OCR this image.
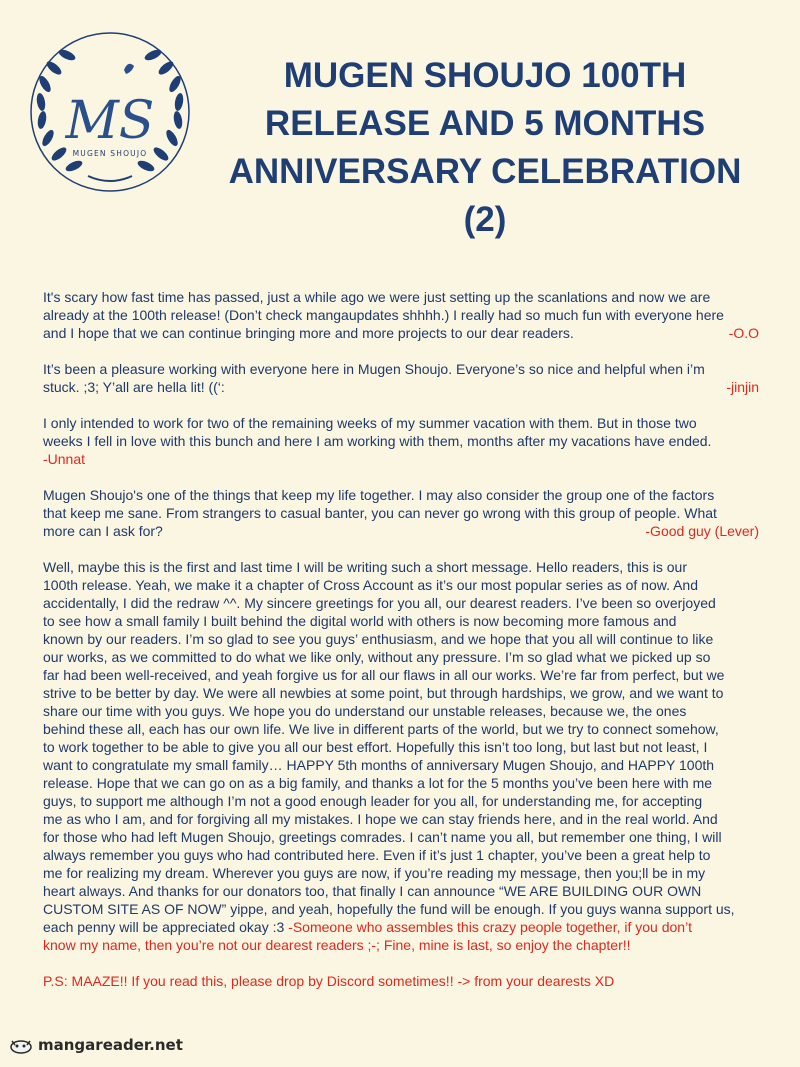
MS
MUGEN SHOUJO
MUGEN SHOUJO 100TH
RELEASE AND 5 MONTHS
ANNIVERSARY CELEBRATION
(2)
It's scary how fast time has passed, just a while ago we were just setting up the scanlations and now we are
already at the 100th release! (Don’t check mangaupdates shhhh.) I really had so much fun with everyone here
and I hope that we can continue bringing more and more projects to our dear readers.	-O.O
It’s been a pleasure working with everyone here in Mugen Shoujo. Everyone’s so nice and helpful when i’m
stuck. ;3; Y’all are hella lit! ((‘:	-jinjin
I only intended to work for two of the remaining weeks of my summer vacation with them. But in those two
weeks I fell in love with this bunch and here I am working with them, months after my vacations have ended.
-Unnat
Mugen Shoujo's one of the things that keep my life together. I may also consider the group one of the factors
that keep me sane. From strangers to casual banter, you can never go wrong with this group of people. What
more can I ask for?	-Good guy (Lever)
Well, maybe this is the first and last time I will be writing such a short message. Hello readers, this is our
100th release. Yeah, we make it a chapter of Cross Account as it’s our most popular series as of now. And
accidentally, I did the redraw ^^. My sincere greetings for you all, our dearest readers. I’ve been so overjoyed
to see how a small family I built behind the digital world with others is now becoming more famous and
known by our readers. I’m so glad to see you guys’ enthusiasm, and we hope that you all will continue to like
our works, as we committed to do what we like only, without any pressure. I’m so glad what we picked up so
far had been well-received, and yeah forgive us for all our flaws in all our works. We’re far from perfect, but we
strive to be better by day. We were all newbies at some point, but through hardships, we grow, and we want to
share our time with you guys. We hope you do understand our unstable releases, because we, the ones
behind these all, each has our own life. We live in different parts of the world, but we try to connect somehow,
to work together to be able to give you all our best effort. Hopefully this isn’t too long, but last but not least, I
want to congratulate my small family… HAPPY 5th months of anniversary Mugen Shoujo, and HAPPY 100th
release. Hope that we can go on as a big family, and thanks a lot for the 5 months you’ve been here with me
guys, to support me although I’m not a good enough leader for you all, for understanding me, for accepting
me as who I am, and for forgiving all my mistakes. I hope we can stay friends here, and in the real world. And
for those who had left Mugen Shoujo, greetings comrades. I can’t name you all, but remember one thing, I will
always remember you guys who had contributed here. Even if it’s just 1 chapter, you’ve been a great help to
me for realizing my dream. Wherever you guys are now, if you’re reading my message, then you;ll be in my
heart always. And thanks for our donators too, that finally I can announce “WE ARE BUILDING OUR OWN
CUSTOM SITE AS OF NOW” yippe, and yeah, hopefully the fund will be enough. If you guys wanna support us,
each penny will be appreciated okay :3 -Someone who assembles this crazy people together, if you don’t
know my name, then you’re not our dearest readers ;-; Fine, mine is last, so enjoy the chapter!!
P.S: MAAZE!! If you read this, please drop by Discord sometimes!! -> from your dearests XD
mangareader.net
